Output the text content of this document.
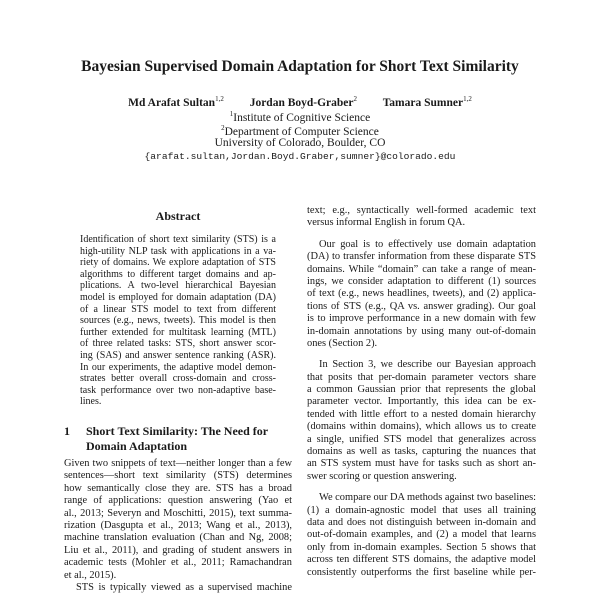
Bayesian Supervised Domain Adaptation for Short Text Similarity
Md Arafat Sultan$^{1,2}$   Jordan Boyd-Graber$^2$   Tamara Sumner$^{1,2}$
$^1$Institute of Cognitive Science
$^2$Department of Computer Science
University of Colorado, Boulder, CO
{arafat.sultan,Jordan.Boyd.Graber,sumner}@colorado.edu
Abstract
Identification of short text similarity (STS) is a
high-utility NLP task with applications in a va-
riety of domains. We explore adaptation of STS
algorithms to different target domains and ap-
plications. A two-level hierarchical Bayesian
model is employed for domain adaptation (DA)
of a linear STS model to text from different
sources (e.g., news, tweets). This model is then
further extended for multitask learning (MTL)
of three related tasks: STS, short answer scor-
ing (SAS) and answer sentence ranking (ASR).
In our experiments, the adaptive model demon-
strates better overall cross-domain and cross-
task performance over two non-adaptive base-
lines.
1 Short Text Similarity: The Need for
Domain Adaptation
Given two snippets of text—neither longer than a few
sentences—short text similarity (STS) determines
how semantically close they are. STS has a broad
range of applications: question answering (Yao et
al., 2013; Severyn and Moschitti, 2015), text summa-
rization (Dasgupta et al., 2013; Wang et al., 2013),
machine translation evaluation (Chan and Ng, 2008;
Liu et al., 2011), and grading of student answers in
academic tests (Mohler et al., 2011; Ramachandran
et al., 2015).
STS is typically viewed as a supervised machine
text; e.g., syntactically well-formed academic text
versus informal English in forum QA.
Our goal is to effectively use domain adaptation
(DA) to transfer information from these disparate STS
domains. While “domain” can take a range of mean-
ings, we consider adaptation to different (1) sources
of text (e.g., news headlines, tweets), and (2) applica-
tions of STS (e.g., QA vs. answer grading). Our goal
is to improve performance in a new domain with few
in-domain annotations by using many out-of-domain
ones (Section 2).
In Section 3, we describe our Bayesian approach
that posits that per-domain parameter vectors share
a common Gaussian prior that represents the global
parameter vector. Importantly, this idea can be ex-
tended with little effort to a nested domain hierarchy
(domains within domains), which allows us to create
a single, unified STS model that generalizes across
domains as well as tasks, capturing the nuances that
an STS system must have for tasks such as short an-
swer scoring or question answering.
We compare our DA methods against two baselines:
(1) a domain-agnostic model that uses all training
data and does not distinguish between in-domain and
out-of-domain examples, and (2) a model that learns
only from in-domain examples. Section 5 shows that
across ten different STS domains, the adaptive model
consistently outperforms the first baseline while per-
